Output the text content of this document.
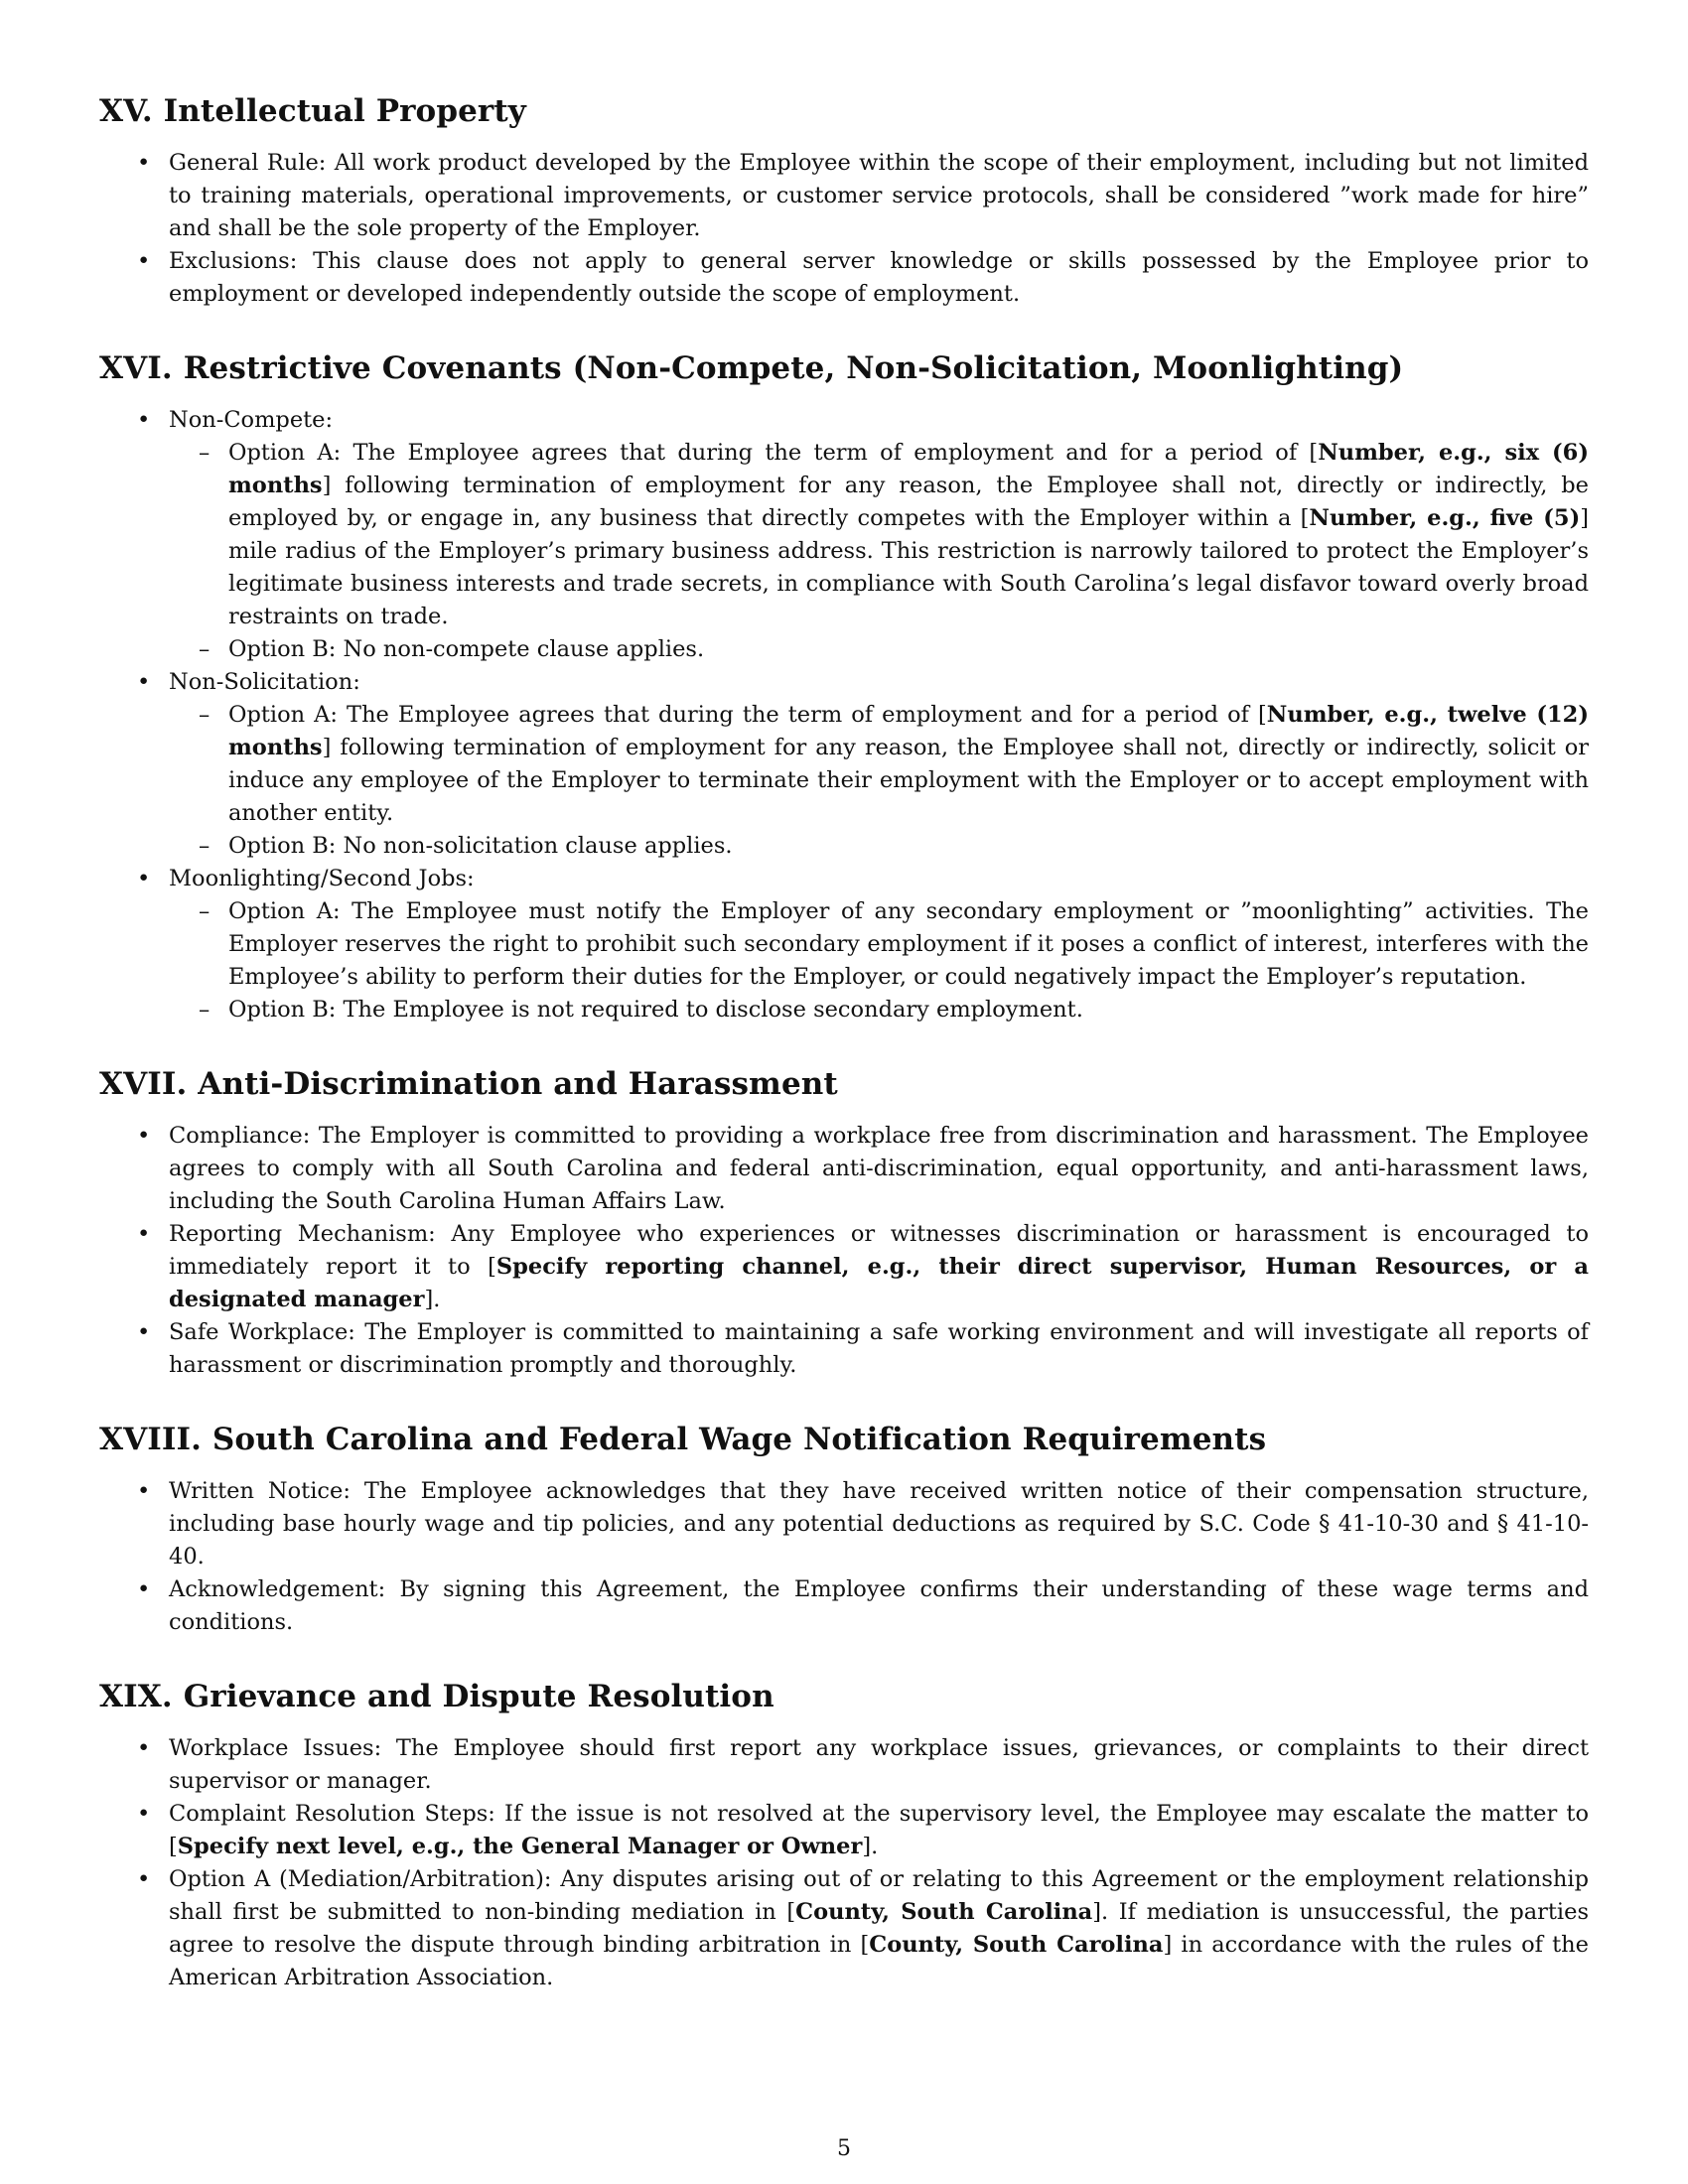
XV. Intellectual Property
• General Rule: All work product developed by the Employee within the scope of their employment, including but not limited to training materials, operational improvements, or customer service protocols, shall be considered ”work made for hire” and shall be the sole property of the Employer.
• Exclusions: This clause does not apply to general server knowledge or skills possessed by the Employee prior to employment or developed independently outside the scope of employment.
XVI. Restrictive Covenants (Non-Compete, Non-Solicitation, Moonlighting)
• Non-Compete:
– Option A: The Employee agrees that during the term of employment and for a period of [Number, e.g., six (6) months] following termination of employment for any reason, the Employee shall not, directly or indirectly, be employed by, or engage in, any business that directly competes with the Employer within a [Number, e.g., five (5)] mile radius of the Employer’s primary business address. This restriction is narrowly tailored to protect the Employer’s legitimate business interests and trade secrets, in compliance with South Carolina’s legal disfavor toward overly broad restraints on trade.
– Option B: No non-compete clause applies.
• Non-Solicitation:
– Option A: The Employee agrees that during the term of employment and for a period of [Number, e.g., twelve (12) months] following termination of employment for any reason, the Employee shall not, directly or indirectly, solicit or induce any employee of the Employer to terminate their employment with the Employer or to accept employment with another entity.
– Option B: No non-solicitation clause applies.
• Moonlighting/Second Jobs:
– Option A: The Employee must notify the Employer of any secondary employment or ”moonlighting” activities. The Employer reserves the right to prohibit such secondary employment if it poses a conflict of interest, interferes with the Employee’s ability to perform their duties for the Employer, or could negatively impact the Employer’s reputation.
– Option B: The Employee is not required to disclose secondary employment.
XVII. Anti-Discrimination and Harassment
• Compliance: The Employer is committed to providing a workplace free from discrimination and harassment. The Employee agrees to comply with all South Carolina and federal anti-discrimination, equal opportunity, and anti-harassment laws, including the South Carolina Human Affairs Law.
• Reporting Mechanism: Any Employee who experiences or witnesses discrimination or harassment is encouraged to immediately report it to [Specify reporting channel, e.g., their direct supervisor, Human Resources, or a designated manager].
• Safe Workplace: The Employer is committed to maintaining a safe working environment and will investigate all reports of harassment or discrimination promptly and thoroughly.
XVIII. South Carolina and Federal Wage Notification Requirements
• Written Notice: The Employee acknowledges that they have received written notice of their compensation structure, including base hourly wage and tip policies, and any potential deductions as required by S.C. Code § 41-10-30 and § 41-10-40.
• Acknowledgement: By signing this Agreement, the Employee confirms their understanding of these wage terms and conditions.
XIX. Grievance and Dispute Resolution
• Workplace Issues: The Employee should first report any workplace issues, grievances, or complaints to their direct supervisor or manager.
• Complaint Resolution Steps: If the issue is not resolved at the supervisory level, the Employee may escalate the matter to [Specify next level, e.g., the General Manager or Owner].
• Option A (Mediation/Arbitration): Any disputes arising out of or relating to this Agreement or the employment relationship shall first be submitted to non-binding mediation in [County, South Carolina]. If mediation is unsuccessful, the parties agree to resolve the dispute through binding arbitration in [County, South Carolina] in accordance with the rules of the American Arbitration Association.
5
